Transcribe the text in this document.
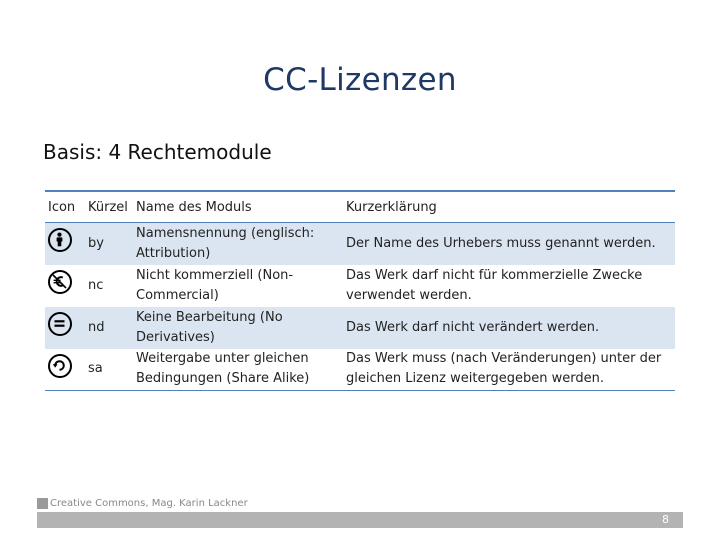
CC-Lizenzen
Basis: 4 Rechtemodule
Icon	Kürzel	Name des Moduls	Kurzerklärung

	by	Namensnennung (englisch: Attribution)	Der Name des Urhebers muss genannt werden.

	nc	Nicht kommerziell (Non-Commercial)	Das Werk darf nicht für kommerzielle Zwecke verwendet werden.

	nd	Keine Bearbeitung (No Derivatives)	Das Werk darf nicht verändert werden.

	sa	Weitergabe unter gleichen Bedingungen (Share Alike)	Das Werk muss (nach Veränderungen) unter der gleichen Lizenz weitergegeben werden.
Creative Commons, Mag. Karin Lackner
8
